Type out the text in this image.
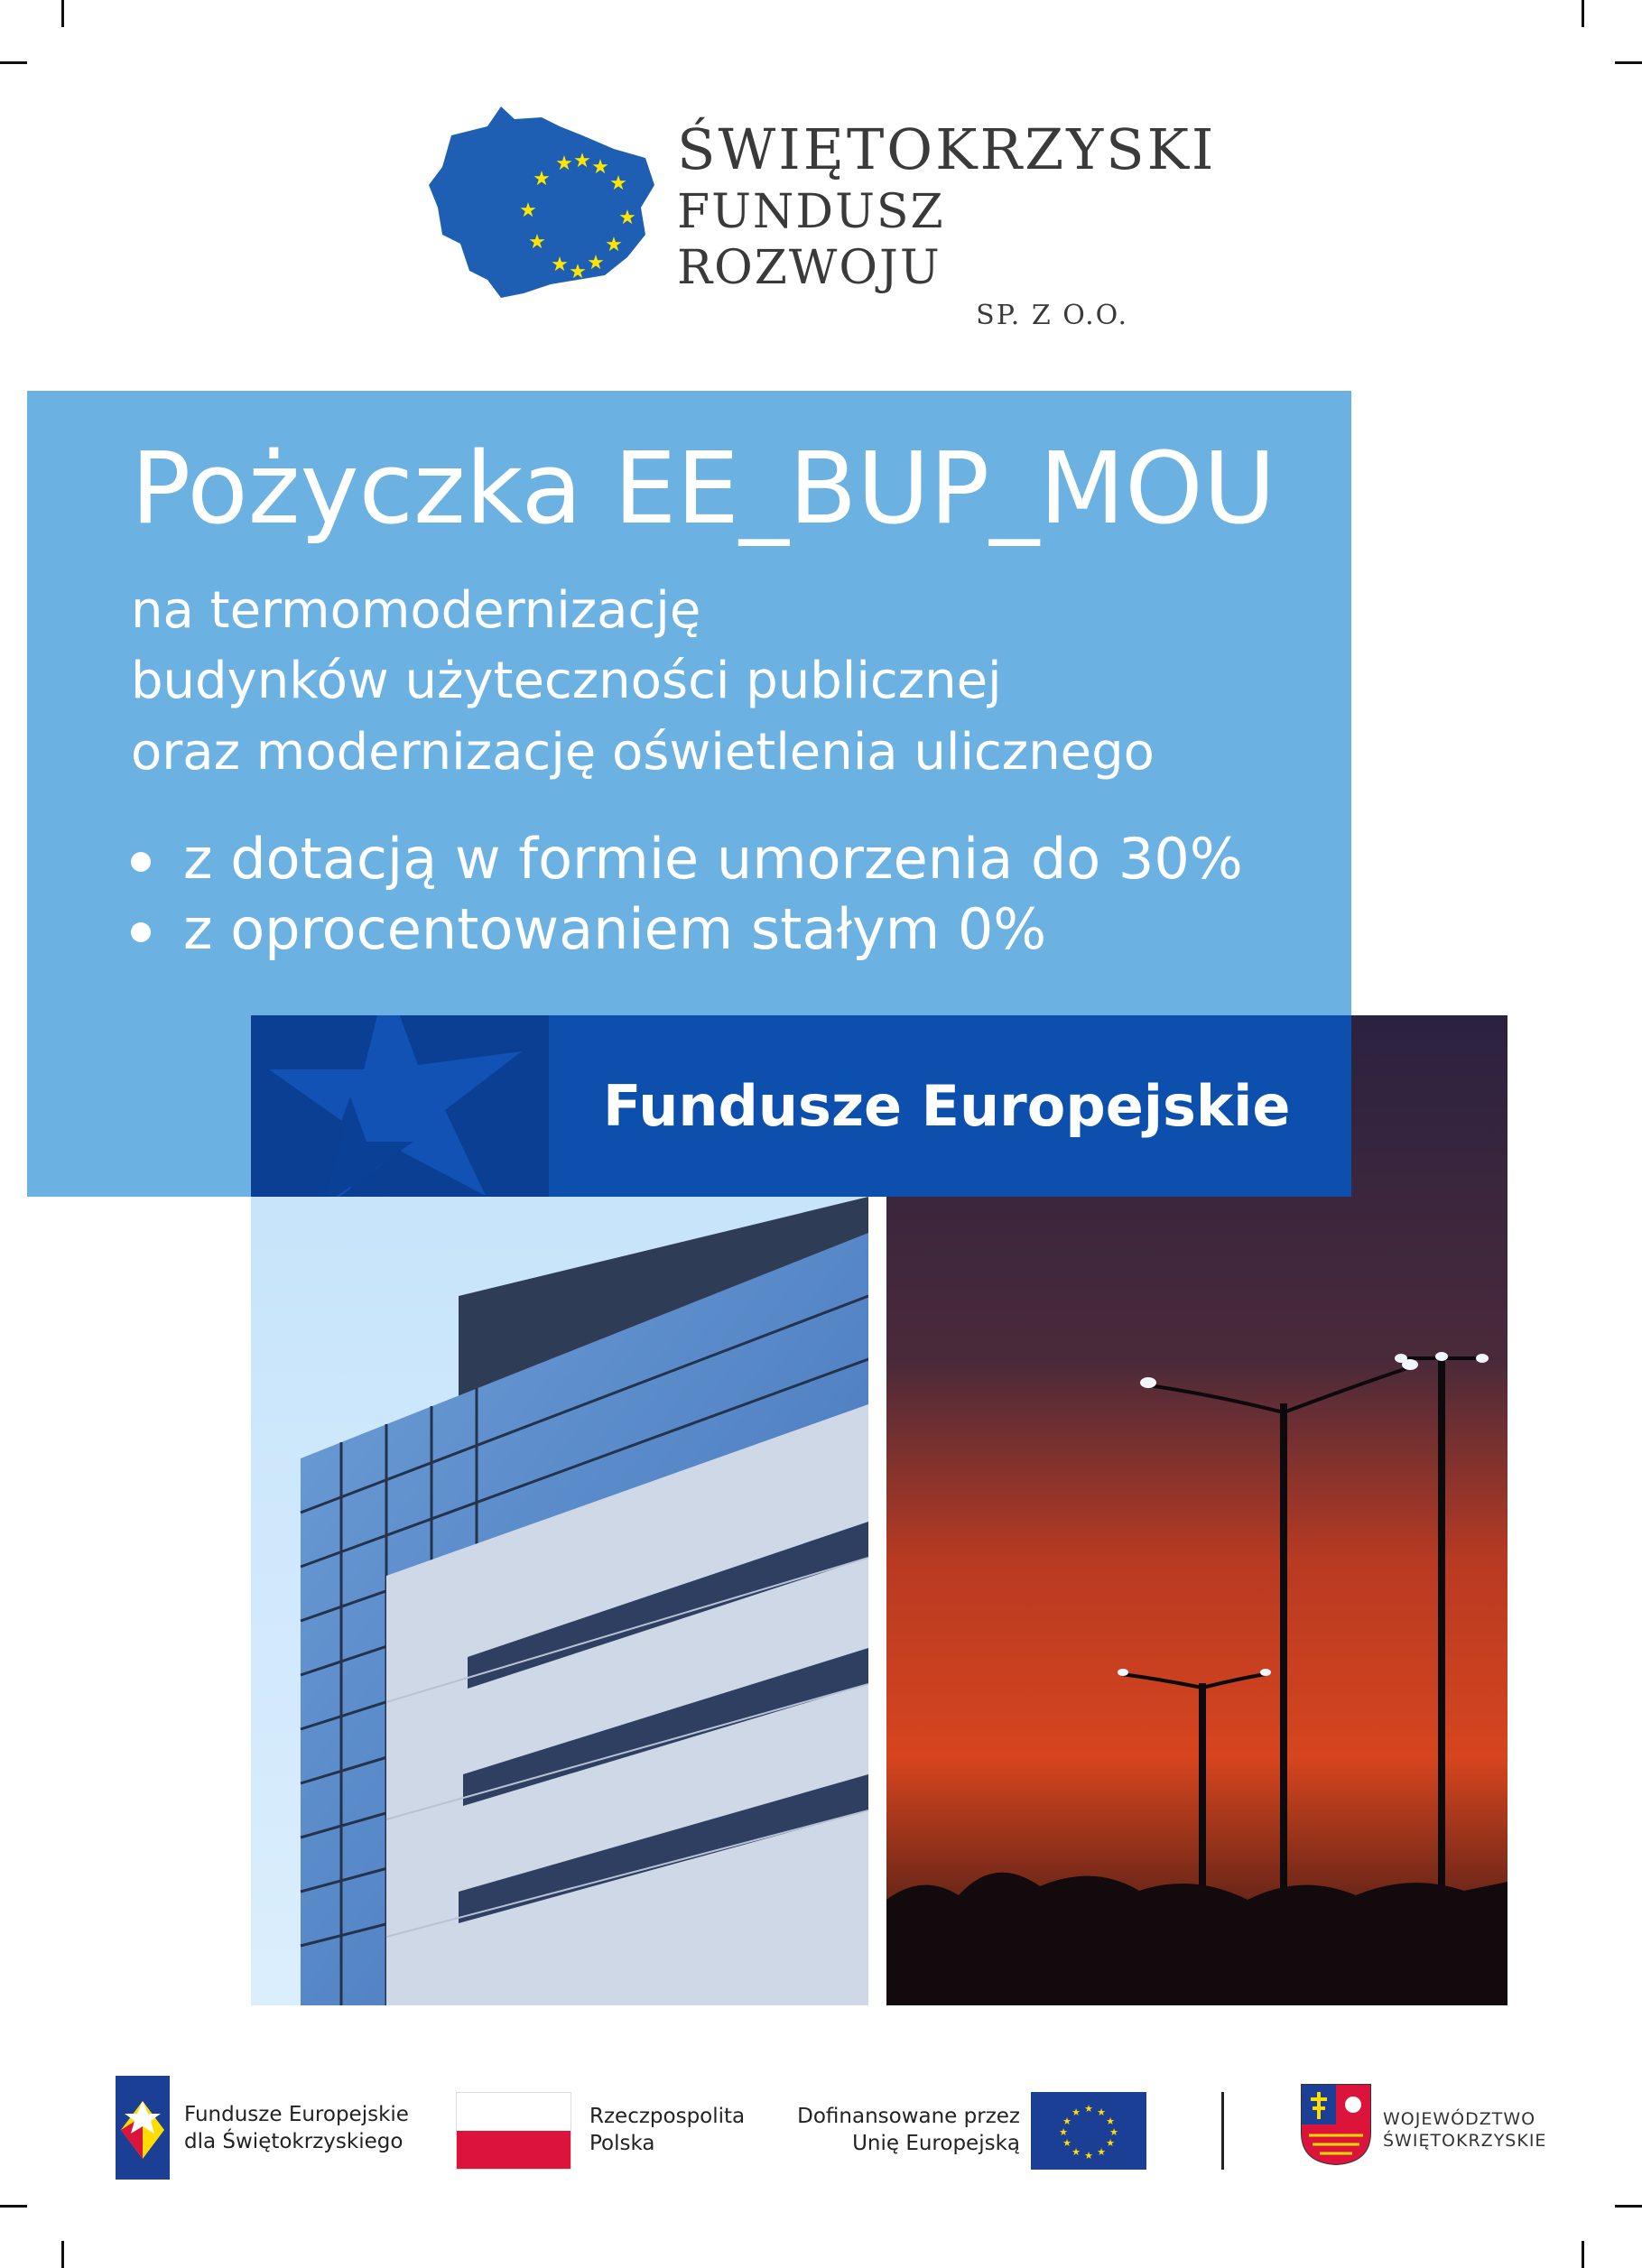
★ ★ ★
★
★
★
★
★ ★ ★
★
★
ŚWIĘTOKRZYSKI
FUNDUSZ ROZWOJU
SP. Z O.O.
Pożyczka EE_BUP_MOU
na termomodernizację
budynków użyteczności publicznej
oraz modernizację oświetlenia ulicznego
z dotacją w formie umorzenia do 30%
z oprocentowaniem stałym 0%
Fundusze Europejskie
Fundusze Europejskie
dla Świętokrzyskiego
Rzeczpospolita
Polska
Dofinansowane przez
Unię Europejską
★ ★
★
★
★
★
★
★
★
★
★
★	WOJEWÓDZTWO
ŚWIĘTOKRZYSKIE
